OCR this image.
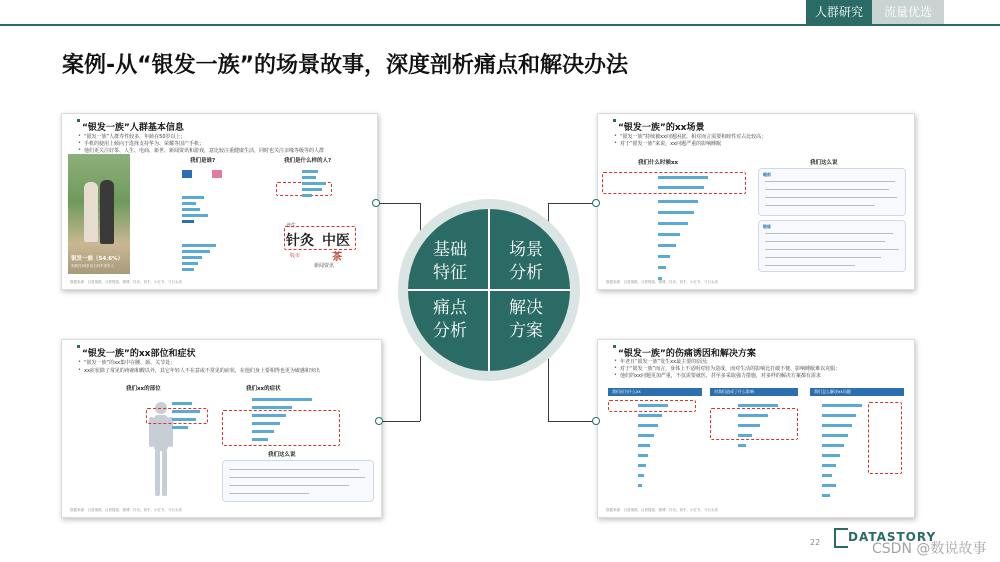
人群研究	流量优选
案例-从“银发一族”的场景故事，深度剖析痛点和解决办法
“银发一族”人群基本信息
• “银发一族”人群寿性较多，年龄在50岁以上；
• 手机的使用上倾向于选择支持华为、荣耀等国产手机；
• 他们更关注好茶、人生、电商、新世、新闻资讯和游戏，意比较注重健康生活，同时也关注亲缘等级等的人群
银发一族（54.6%）
年龄在50岁以上的中老年人
我们是谁?	我们是什么样的人?
针灸 中医
茶
新闻资讯
养生
股市
数据来源：百度指数、百度搜索、微博、抖音、知乎、小红书、今日头条
“银发一族”的xx场景
• “银发一族”持续被xx问题困扰，相对而言需要和睦性对占比较高；
• 对于“银发一族”来说，xx问题严重的影响睡眠
我们什么时候xx	我们这么说
睡前
锻炼
数据来源：百度指数、百度搜索、微博、抖音、知乎、小红书、今日头条
“银发一族”的xx部位和症状
• “银发一族”的xx集中在腰、颈、关节处；
• xx症状除了常见的疼痛和酸以外，其它年轻人不在意或不常见的症状，在他们身上要相得也更为敏感和突出
我们xx的部位	我们xx的症状
我们这么说
数据来源：百度指数、百度搜索、微博、抖音、知乎、小红书、今日头条
“银发一族”的伤痛诱因和解决方案
• 年老且“银发一族”发生xx最主要的原因;
• 对于“银发一族”而言，身体上不适明对轻为造成，而对生活的影响比打破不便、影响睡眠难以克服；
• 他们的xx问题更加严重，不仅需要就医，甚至多采取强力措施，对多样的解决方案都有需求
我们因为什么xx	对我们造成了什么影响	我们怎么解决xx问题
数据来源：百度指数、百度搜索、微博、抖音、知乎、小红书、今日头条
基础
特征
场景
分析
痛点
分析
解决
方案
22 DATASTORY
CSDN @数说故事
